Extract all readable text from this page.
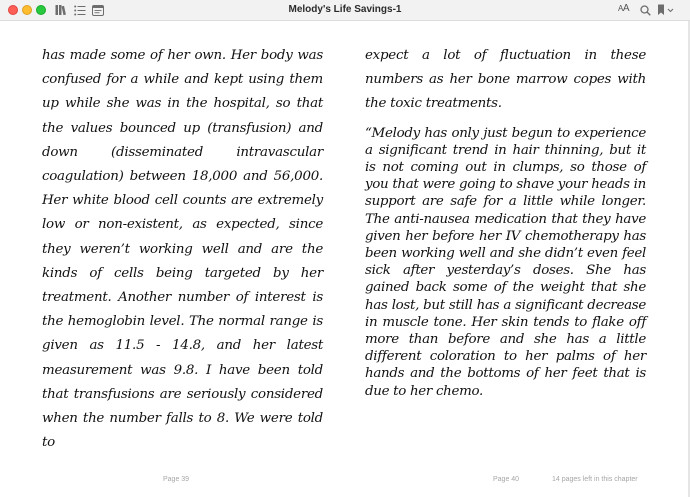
Melody's Life Savings-1	AA

has made some of her own. Her body was confused for a while and kept using them up while she was in the hospital, so that the values bounced up (transfusion) and down (disseminated intravascular coagulation) between 18,000 and 56,000. Her white blood cell counts are extremely low or non-existent, as expected, since they weren’t working well and are the kinds of cells being targeted by her treatment. Another number of interest is the hemoglobin level. The normal range is given as 11.5 - 14.8, and her latest measurement was 9.8. I have been told that transfusions are seriously considered when the number falls to 8. We were told to

expect a lot of fluctuation in these numbers as her bone marrow copes with the toxic treatments.

“Melody has only just begun to experience a significant trend in hair thinning, but it is not coming out in clumps, so those of you that were going to shave your heads in support are safe for a little while longer. The anti-nausea medication that they have given her before her IV chemotherapy has been working well and she didn’t even feel sick after yesterday’s doses. She has gained back some of the weight that she has lost, but still has a significant decrease in muscle tone. Her skin tends to flake off more than before and she has a little different coloration to her palms of her hands and the bottoms of her feet that is due to her chemo.

Page 39	Page 40	14 pages left in this chapter
